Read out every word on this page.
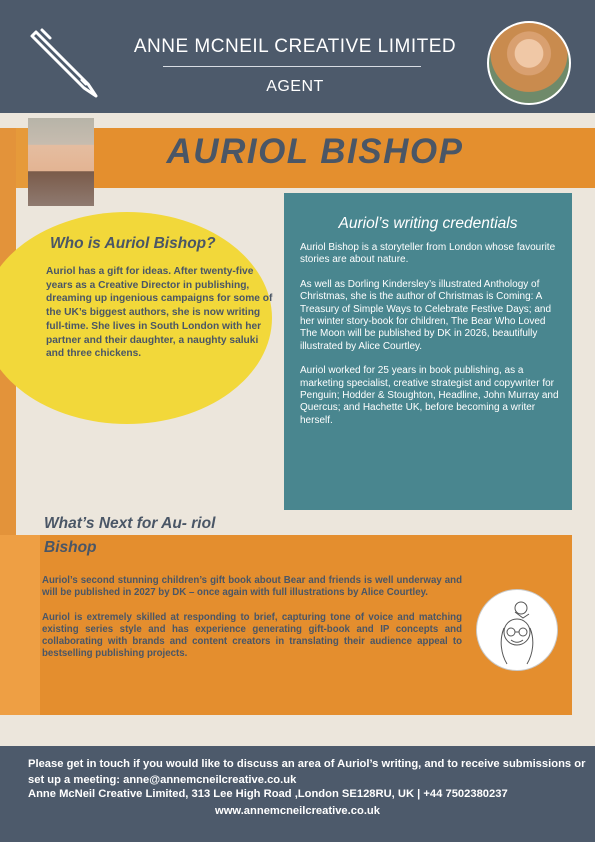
ANNE MCNEIL CREATIVE LIMITED
AGENT
AURIOL BISHOP
Who is Auriol Bishop?
Auriol has a gift for ideas. After twenty-five years as a Creative Director in publishing, dreaming up ingenious campaigns for some of the UK’s biggest authors, she is now writing full-time. She lives in South London with her partner and their daughter, a naughty saluki and three chickens.
Auriol’s writing credentials

Auriol Bishop is a storyteller from London whose favourite stories are about nature.

As well as Dorling Kindersley’s illustrated Anthology of Christmas, she is the author of Christmas is Coming: A Treasury of Simple Ways to Celebrate Festive Days; and her winter story-book for children, The Bear Who Loved The Moon will be published by DK in 2026, beautifully illustrated by Alice Courtley.

Auriol worked for 25 years in book publishing, as a marketing specialist, creative strategist and copywriter for Penguin; Hodder & Stoughton, Headline, John Murray and Quercus; and Hachette UK, before becoming a writer herself.

What’s Next for Au- riol Bishop

Auriol’s second stunning children’s gift book about Bear and friends is well underway and will be published in 2027 by DK – once again with full illustrations by Alice Courtley.

Auriol is extremely skilled at responding to brief, capturing tone of voice and matching existing series style and has experience generating gift-book and IP concepts and collaborating with brands and content creators in translating their audience appeal to bestselling publishing projects.

Please get in touch if you would like to discuss an area of Auriol’s writing, and to receive submissions or set up a meeting: anne@annemcneilcreative.co.uk
Anne McNeil Creative Limited, 313 Lee High Road ,London SE128RU, UK | +44 7502380237
www.annemcneilcreative.co.uk
